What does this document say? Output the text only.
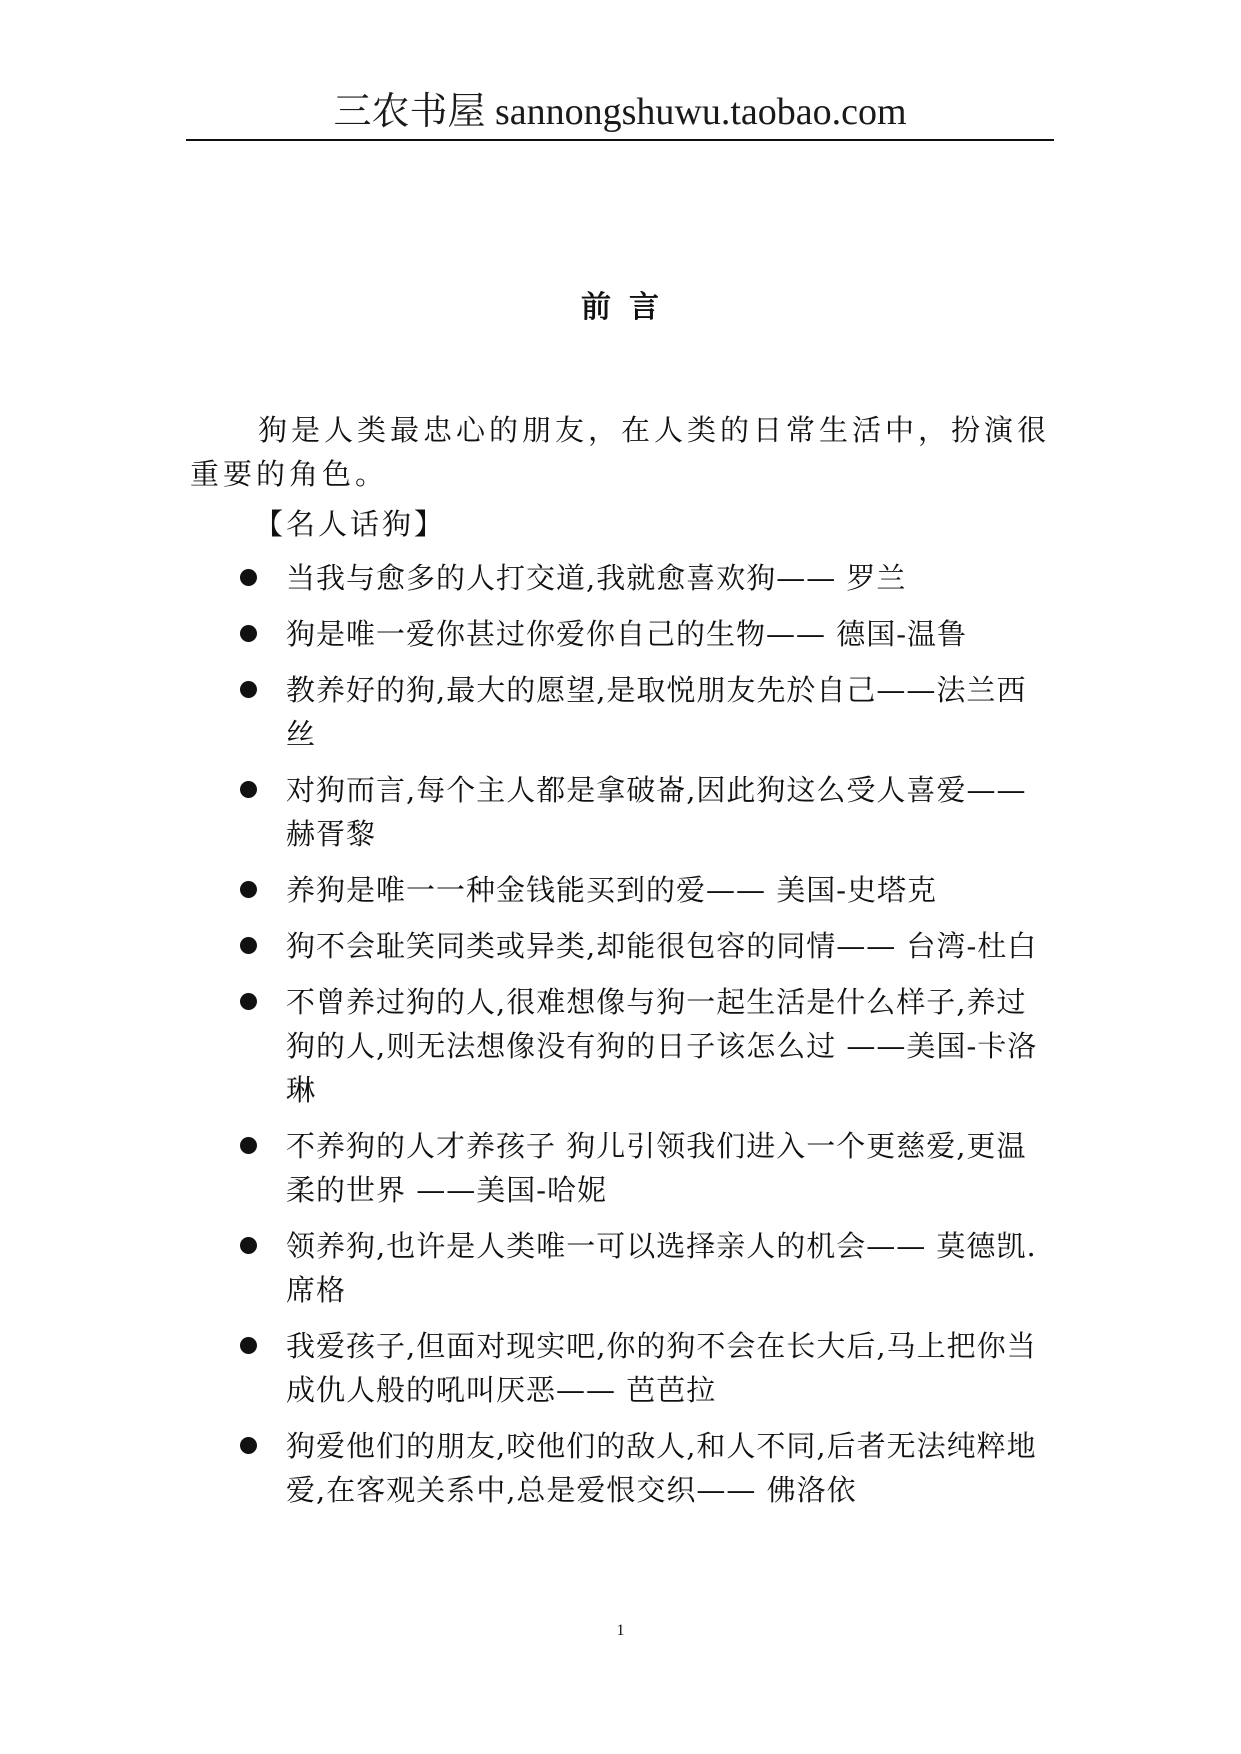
三农书屋 sannongshuwu.taobao.com
前言

狗是人类最忠心的朋友，在人类的日常生活中，扮演很重要的角色。

【名人话狗】

当我与愈多的人打交道,我就愈喜欢狗—— 罗兰
狗是唯一爱你甚过你爱你自己的生物—— 德国-温鲁
教养好的狗,最大的愿望,是取悦朋友先於自己——法兰西丝
对狗而言,每个主人都是拿破崙,因此狗这么受人喜爱—— 赫胥黎
养狗是唯一一种金钱能买到的爱—— 美国-史塔克
狗不会耻笑同类或异类,却能很包容的同情—— 台湾-杜白
不曾养过狗的人,很难想像与狗一起生活是什么样子,养过狗的人,则无法想像没有狗的日子该怎么过 ——美国-卡洛琳
不养狗的人才养孩子 狗儿引领我们进入一个更慈爱,更温柔的世界 ——美国-哈妮
领养狗,也许是人类唯一可以选择亲人的机会—— 莫德凯.席格
我爱孩子,但面对现实吧,你的狗不会在长大后,马上把你当成仇人般的吼叫厌恶—— 芭芭拉
狗爱他们的朋友,咬他们的敌人,和人不同,后者无法纯粹地爱,在客观关系中,总是爱恨交织—— 佛洛依
1
